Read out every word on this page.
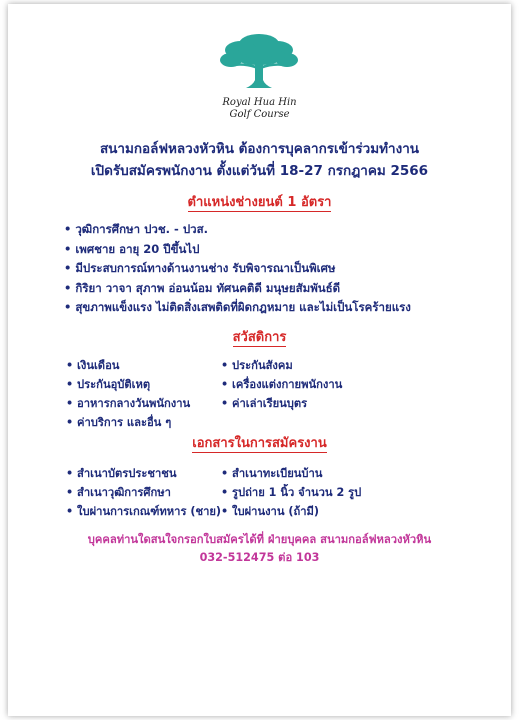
Royal Hua Hin
Golf Course
สนามกอล์ฟหลวงหัวหิน ต้องการบุคลากรเข้าร่วมทำงาน
เปิดรับสมัครพนักงาน ตั้งแต่วันที่ 18-27 กรกฎาคม 2566
ตำแหน่งช่างยนต์ 1 อัตรา
• วุฒิการศึกษา ปวช. - ปวส.
• เพศชาย อายุ 20 ปีขึ้นไป
• มีประสบการณ์ทางด้านงานช่าง รับพิจารณาเป็นพิเศษ
• กิริยา วาจา สุภาพ อ่อนน้อม ทัศนคติดี มนุษยสัมพันธ์ดี
• สุขภาพแข็งแรง ไม่ติดสิ่งเสพติดที่ผิดกฎหมาย และไม่เป็นโรคร้ายแรง
สวัสดิการ
• เงินเดือน
• ประกันอุบัติเหตุ
• อาหารกลางวันพนักงาน
• ค่าบริการ และอื่น ๆ
• ประกันสังคม
• เครื่องแต่งกายพนักงาน
• ค่าเล่าเรียนบุตร
เอกสารในการสมัครงาน
• สำเนาบัตรประชาชน
• สำเนาวุฒิการศึกษา
• ใบผ่านการเกณฑ์ทหาร (ชาย)
• สำเนาทะเบียนบ้าน
• รูปถ่าย 1 นิ้ว จำนวน 2 รูป
• ใบผ่านงาน (ถ้ามี)
บุคคลท่านใดสนใจกรอกใบสมัครได้ที่ ฝ่ายบุคคล สนามกอล์ฟหลวงหัวหิน
032-512475 ต่อ 103
